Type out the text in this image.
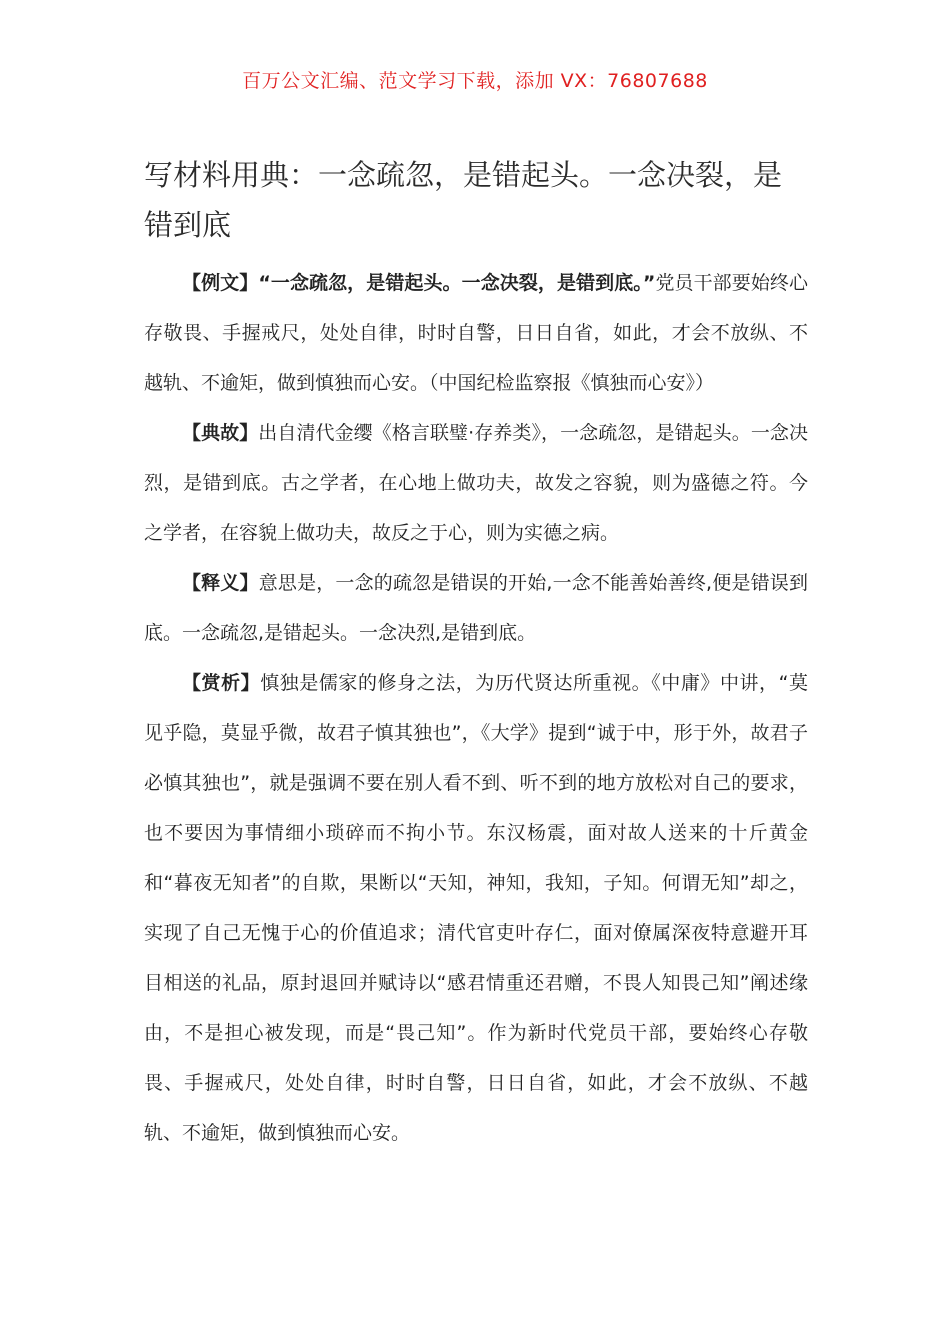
百万公文汇编、范文学习下载，添加 VX：76807688
写材料用典：一念疏忽，是错起头。一念决裂，是错到底

【例文】“一念疏忽，是错起头。一念决裂，是错到底。”党员干部要始终心存敬畏、手握戒尺，处处自律，时时自警，日日自省，如此，才会不放纵、不越轨、不逾矩，做到慎独而心安。（中国纪检监察报《慎独而心安》）

【典故】出自清代金缨《格言联璧·存养类》，一念疏忽，是错起头。一念决烈，是错到底。古之学者，在心地上做功夫，故发之容貌，则为盛德之符。今之学者，在容貌上做功夫，故反之于心，则为实德之病。

【释义】意思是，一念的疏忽是错误的开始,一念不能善始善终,便是错误到底。一念疏忽,是错起头。一念决烈,是错到底。

【赏析】慎独是儒家的修身之法，为历代贤达所重视。《中庸》中讲，“莫见乎隐，莫显乎微，故君子慎其独也”，《大学》提到“诚于中，形于外，故君子必慎其独也”，就是强调不要在别人看不到、听不到的地方放松对自己的要求，也不要因为事情细小琐碎而不拘小节。东汉杨震，面对故人送来的十斤黄金和“暮夜无知者”的自欺，果断以“天知，神知，我知，子知。何谓无知”却之，实现了自己无愧于心的价值追求；清代官吏叶存仁，面对僚属深夜特意避开耳目相送的礼品，原封退回并赋诗以“感君情重还君赠，不畏人知畏己知”阐述缘由，不是担心被发现，而是“畏己知”。作为新时代党员干部，要始终心存敬畏、手握戒尺，处处自律，时时自警，日日自省，如此，才会不放纵、不越轨、不逾矩，做到慎独而心安。
